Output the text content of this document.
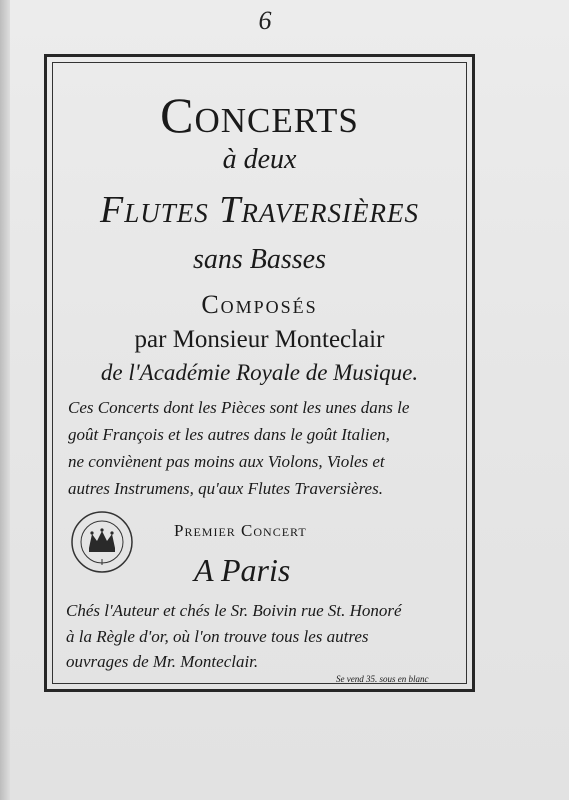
6
Concerts
à deux
Flutes Traversières
sans Basses
Composés
par Monsieur Monteclair
de l'Académie Royale de Musique.
Ces Concerts dont les Pièces sont les unes dans le
goût François et les autres dans le goût Italien,
ne conviènent pas moins aux Violons, Violes et
autres Instrumens, qu'aux Flutes Traversières.
Premier Concert
A Paris
Chés l'Auteur et chés le Sr. Boivin rue St. Honoré
à la Règle d'or, où l'on trouve tous les autres
ouvrages de Mr. Monteclair.
Se vend 35. sous en blanc
